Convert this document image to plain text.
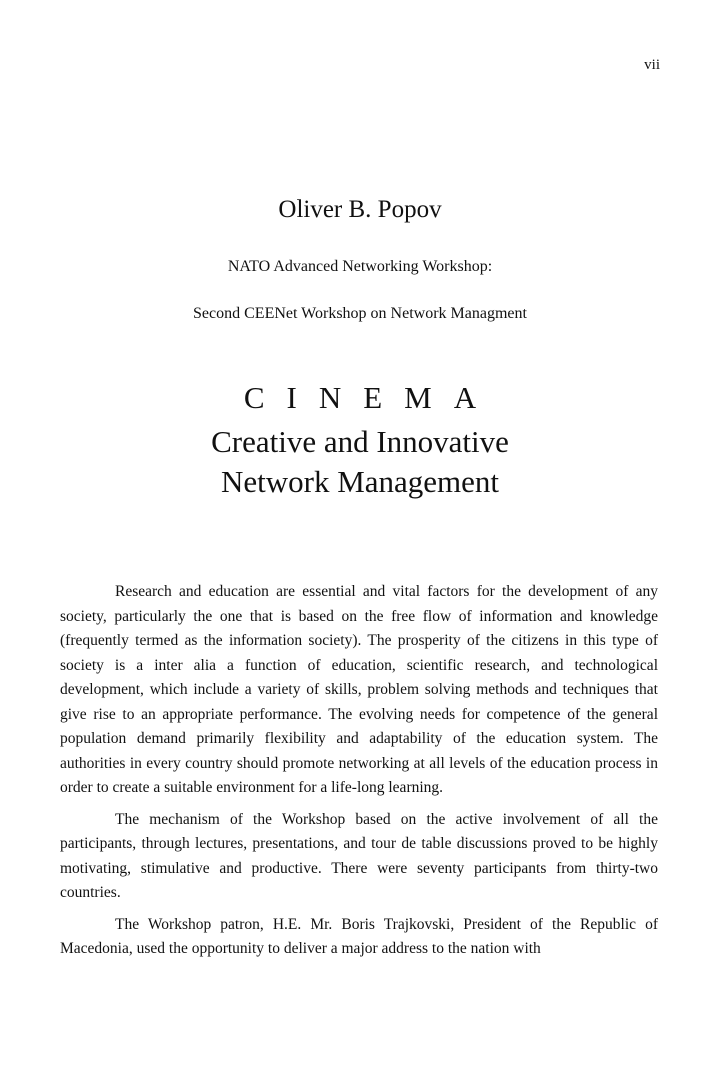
vii
Oliver B. Popov
NATO Advanced Networking Workshop:
Second CEENet Workshop on Network Managment
CINEMA
Creative and Innovative
Network Management

Research and education are essential and vital factors for the development of any society, particularly the one that is based on the free flow of information and knowledge (frequently termed as the information society). The prosperity of the citizens in this type of society is a inter alia a function of education, scientific research, and technological development, which include a variety of skills, problem solving methods and techniques that give rise to an appropriate performance. The evolving needs for competence of the general population demand primarily flexibility and adaptability of the education system. The authorities in every country should promote networking at all levels of the education process in order to create a suitable environment for a life-long learning.

The mechanism of the Workshop based on the active involvement of all the participants, through lectures, presentations, and tour de table discussions proved to be highly motivating, stimulative and productive. There were seventy participants from thirty-two countries.

The Workshop patron, H.E. Mr. Boris Trajkovski, President of the Republic of Macedonia, used the opportunity to deliver a major address to the nation with
